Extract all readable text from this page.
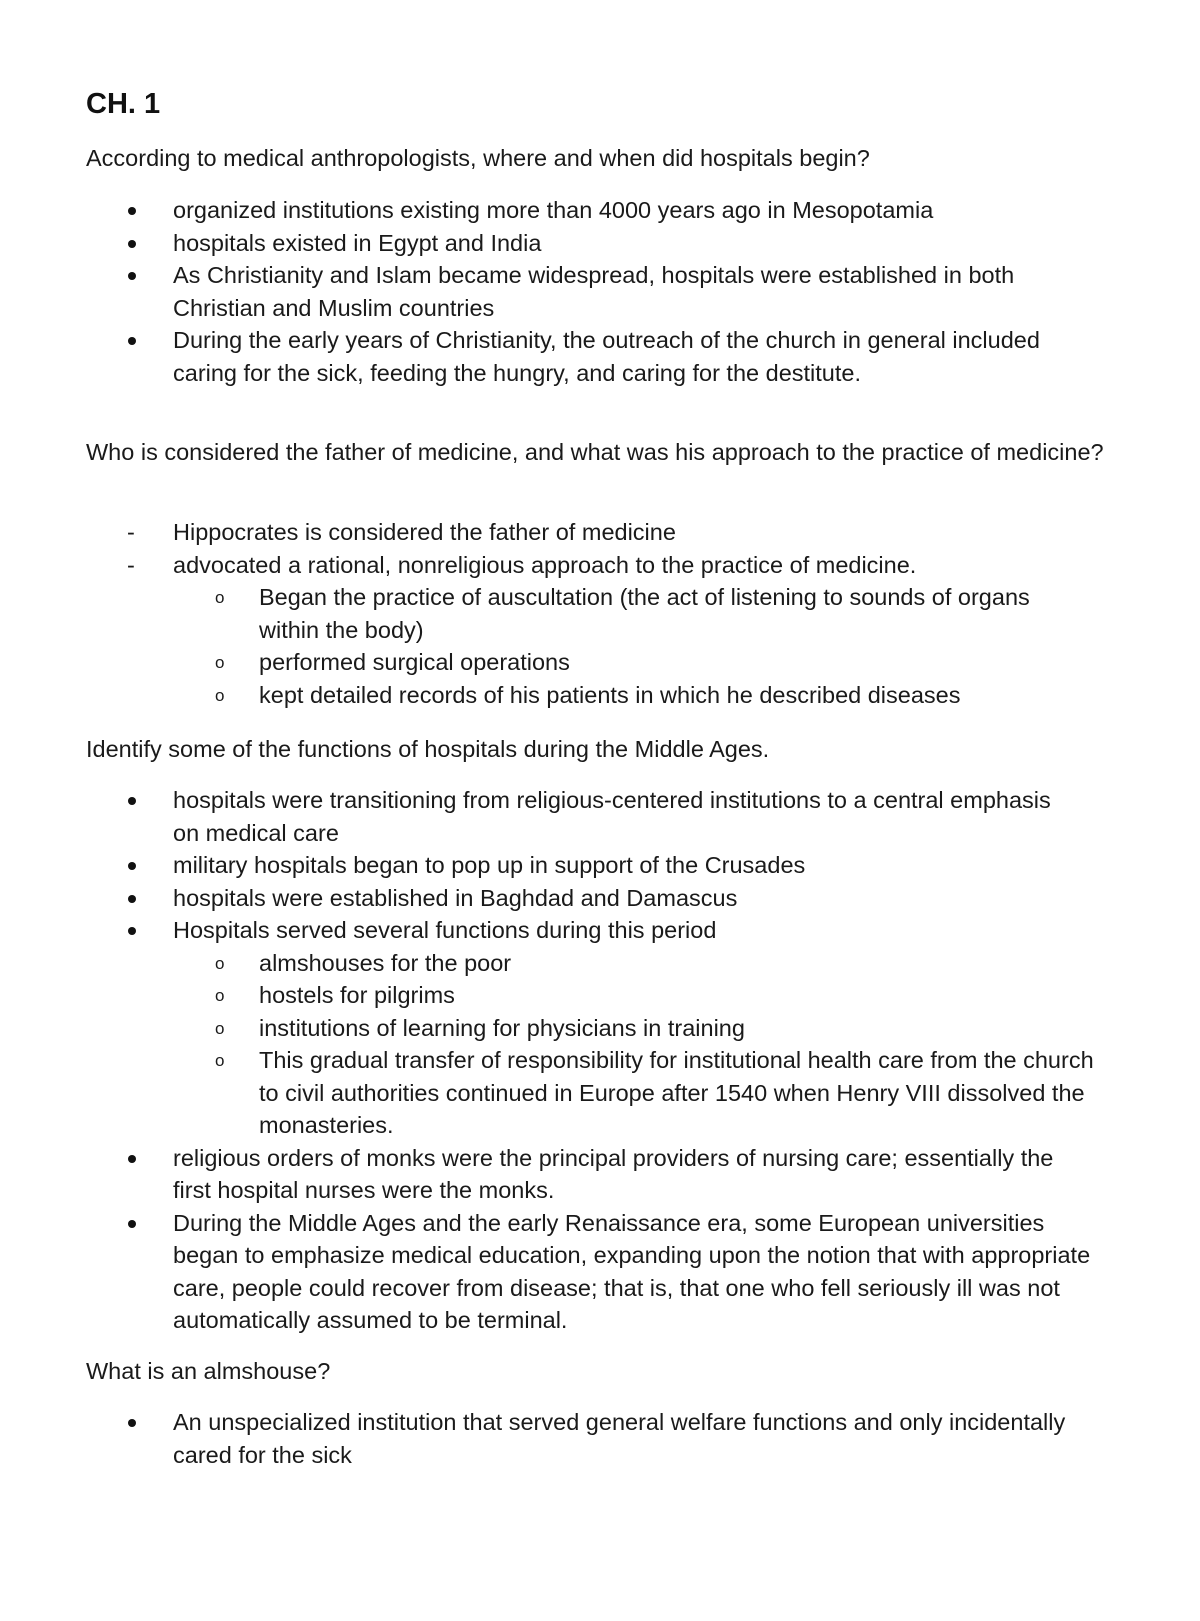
CH. 1

According to medical anthropologists, where and when did hospitals begin?

organized institutions existing more than 4000 years ago in Mesopotamia
hospitals existed in Egypt and India
As Christianity and Islam became widespread, hospitals were established in both Christian and Muslim countries
During the early years of Christianity, the outreach of the church in general included caring for the sick, feeding the hungry, and caring for the destitute.

Who is considered the father of medicine, and what was his approach to the practice of medicine?

Hippocrates is considered the father of medicine
advocated a rational, nonreligious approach to the practice of medicine.
Began the practice of auscultation (the act of listening to sounds of organs within the body)
performed surgical operations
kept detailed records of his patients in which he described diseases

Identify some of the functions of hospitals during the Middle Ages.

hospitals were transitioning from religious-centered institutions to a central emphasis on medical care
military hospitals began to pop up in support of the Crusades
hospitals were established in Baghdad and Damascus
Hospitals served several functions during this period
almshouses for the poor
hostels for pilgrims
institutions of learning for physicians in training
This gradual transfer of responsibility for institutional health care from the church to civil authorities continued in Europe after 1540 when Henry VIII dissolved the monasteries.
religious orders of monks were the principal providers of nursing care; essentially the first hospital nurses were the monks.
During the Middle Ages and the early Renaissance era, some European universities began to emphasize medical education, expanding upon the notion that with appropriate care, people could recover from disease; that is, that one who fell seriously ill was not automatically assumed to be terminal.

What is an almshouse?

An unspecialized institution that served general welfare functions and only incidentally cared for the sick
